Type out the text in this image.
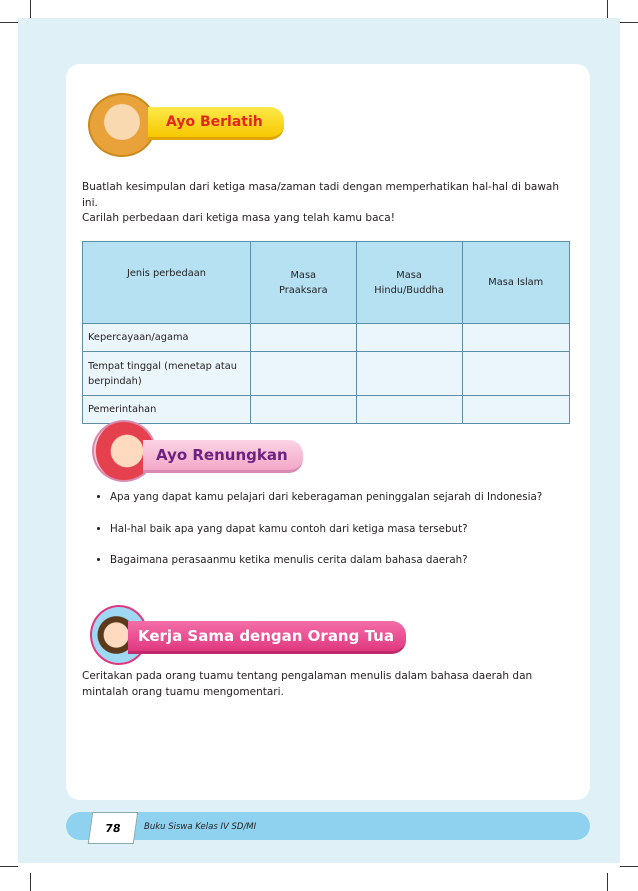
Ayo Berlatih
Buatlah kesimpulan dari ketiga masa/zaman tadi dengan memperhatikan hal-hal di bawah ini.
Carilah perbedaan dari ketiga masa yang telah kamu baca!
Jenis perbedaan	Masa Praaksara	Masa Hindu/Buddha	Masa Islam
Kepercayaan/agama			

Tempat tinggal (menetap atau berpindah)			

Pemerintahan			
Ayo Renungkan
• Apa yang dapat kamu pelajari dari keberagaman peninggalan sejarah di Indonesia?
• Hal-hal baik apa yang dapat kamu contoh dari ketiga masa tersebut?
• Bagaimana perasaanmu ketika menulis cerita dalam bahasa daerah?
Kerja Sama dengan Orang Tua
Ceritakan pada orang tuamu tentang pengalaman menulis dalam bahasa daerah dan mintalah orang tuamu mengomentari.
78	Buku Siswa Kelas IV SD/MI
